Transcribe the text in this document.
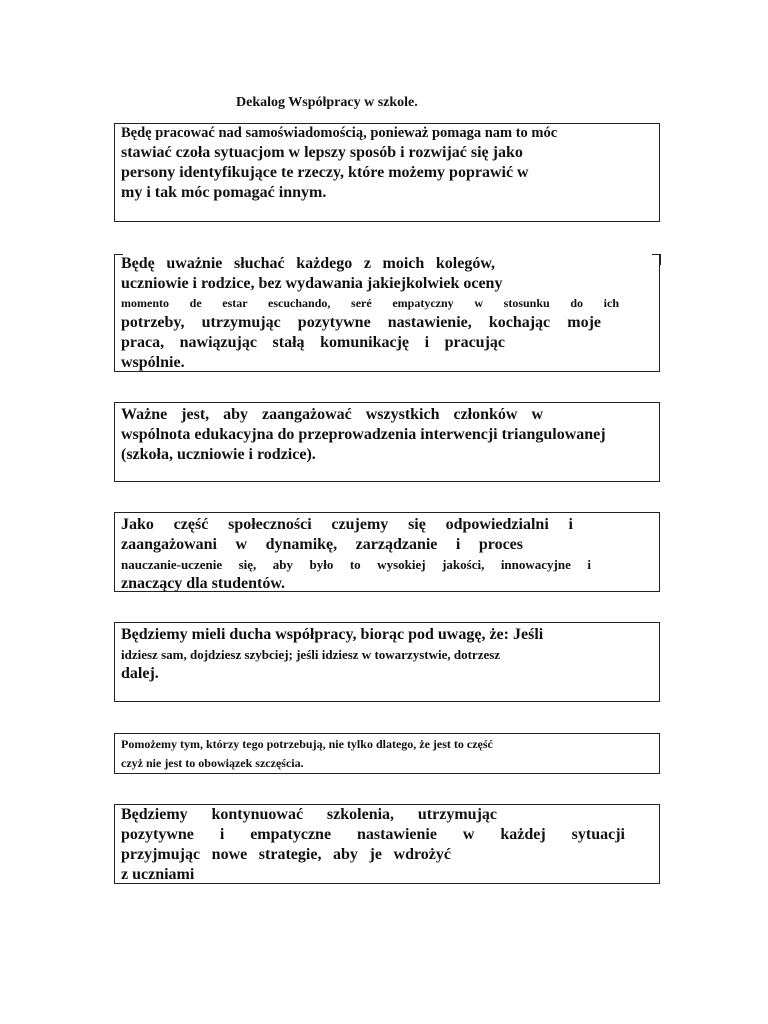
Dekalog Współpracy w szkole.
Będę pracować nad samoświadomością, ponieważ pomaga nam to móc
stawiać czoła sytuacjom w lepszy sposób i rozwijać się jako
persony identyfikujące te rzeczy, które możemy poprawić w
my i tak móc pomagać innym.
Będę uważnie słuchać każdego z moich kolegów,
uczniowie i rodzice, bez wydawania jakiejkolwiek oceny
momento de estar escuchando, seré empatyczny w stosunku do ich
potrzeby, utrzymując pozytywne nastawienie, kochając moje
praca, nawiązując stałą komunikację i pracując
wspólnie.
Ważne jest, aby zaangażować wszystkich członków w
wspólnota edukacyjna do przeprowadzenia interwencji triangulowanej
(szkoła, uczniowie i rodzice).
Jako część społeczności czujemy się odpowiedzialni i
zaangażowani w dynamikę, zarządzanie i proces
nauczanie-uczenie się, aby było to wysokiej jakości, innowacyjne i
znaczący dla studentów.
Będziemy mieli ducha współpracy, biorąc pod uwagę, że: Jeśli
idziesz sam, dojdziesz szybciej; jeśli idziesz w towarzystwie, dotrzesz
dalej.
Pomożemy tym, którzy tego potrzebują, nie tylko dlatego, że jest to część
czyż nie jest to obowiązek szczęścia.
Będziemy kontynuować szkolenia, utrzymując
pozytywne i empatyczne nastawienie w każdej sytuacji
przyjmując nowe strategie, aby je wdrożyć
z uczniami
